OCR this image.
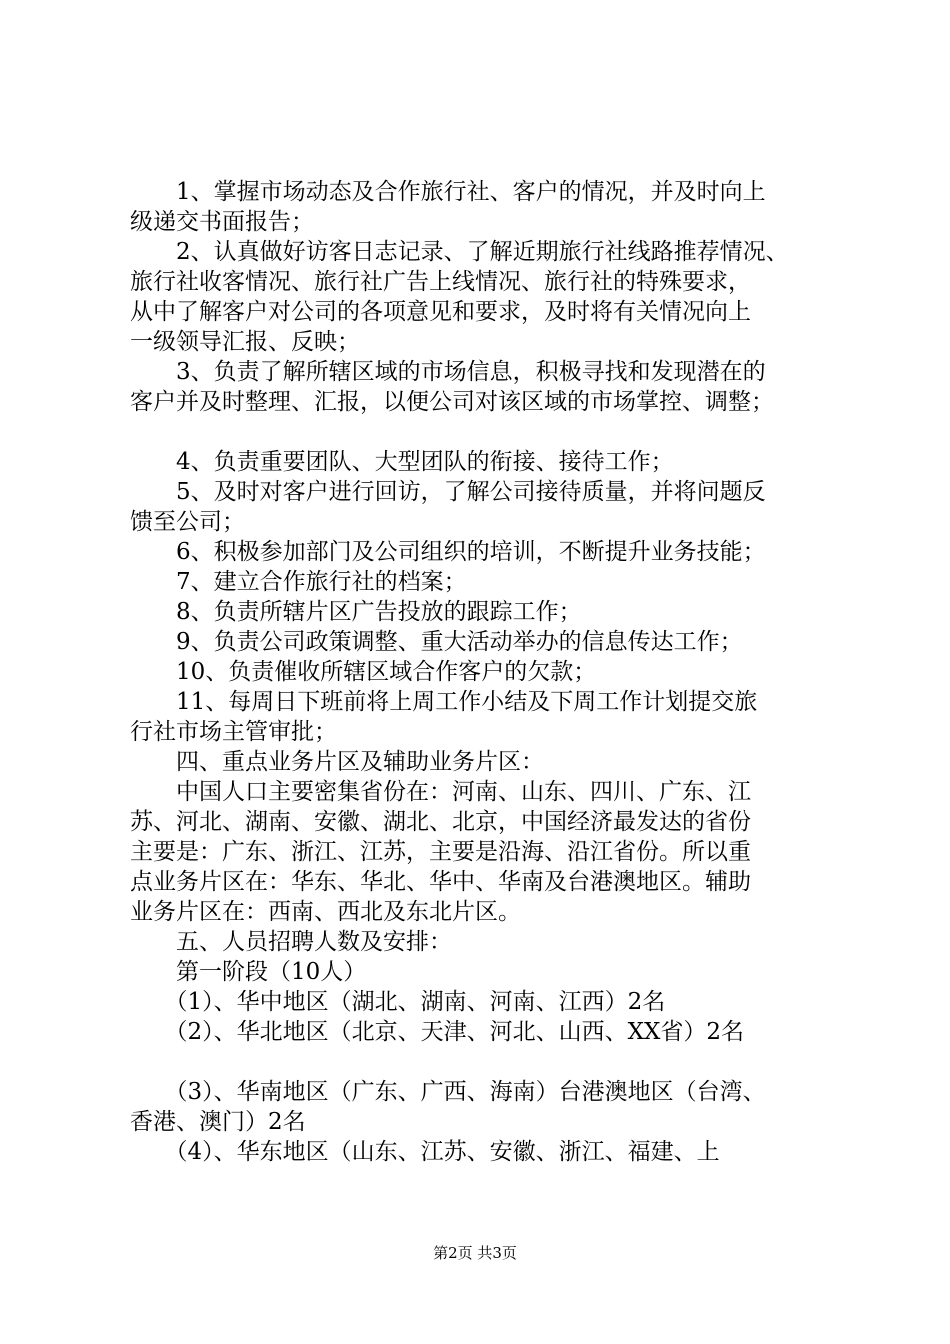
　　1、掌握市场动态及合作旅行社、客户的情况，并及时向上
级递交书面报告；
　　2、认真做好访客日志记录、了解近期旅行社线路推荐情况、
旅行社收客情况、旅行社广告上线情况、旅行社的特殊要求，
从中了解客户对公司的各项意见和要求，及时将有关情况向上
一级领导汇报、反映；
　　3、负责了解所辖区域的市场信息，积极寻找和发现潜在的
客户并及时整理、汇报，以便公司对该区域的市场掌控、调整；
　　4、负责重要团队、大型团队的衔接、接待工作；
　　5、及时对客户进行回访，了解公司接待质量，并将问题反
馈至公司；
　　6、积极参加部门及公司组织的培训，不断提升业务技能；
　　7、建立合作旅行社的档案；
　　8、负责所辖片区广告投放的跟踪工作；
　　9、负责公司政策调整、重大活动举办的信息传达工作；
　　10、负责催收所辖区域合作客户的欠款；
　　11、每周日下班前将上周工作小结及下周工作计划提交旅
行社市场主管审批；
　　四、重点业务片区及辅助业务片区：
　　中国人口主要密集省份在：河南、山东、四川、广东、江
苏、河北、湖南、安徽、湖北、北京，中国经济最发达的省份
主要是：广东、浙江、江苏，主要是沿海、沿江省份。所以重
点业务片区在：华东、华北、华中、华南及台港澳地区。辅助
业务片区在：西南、西北及东北片区。
　　五、人员招聘人数及安排：
　　第一阶段（10人）
　　（1）、华中地区（湖北、湖南、河南、江西）2名
　　（2）、华北地区（北京、天津、河北、山西、XX省）2名
　　（3）、华南地区（广东、广西、海南）台港澳地区（台湾、
香港、澳门）2名
　　（4）、华东地区（山东、江苏、安徽、浙江、福建、上
第2页 共3页
